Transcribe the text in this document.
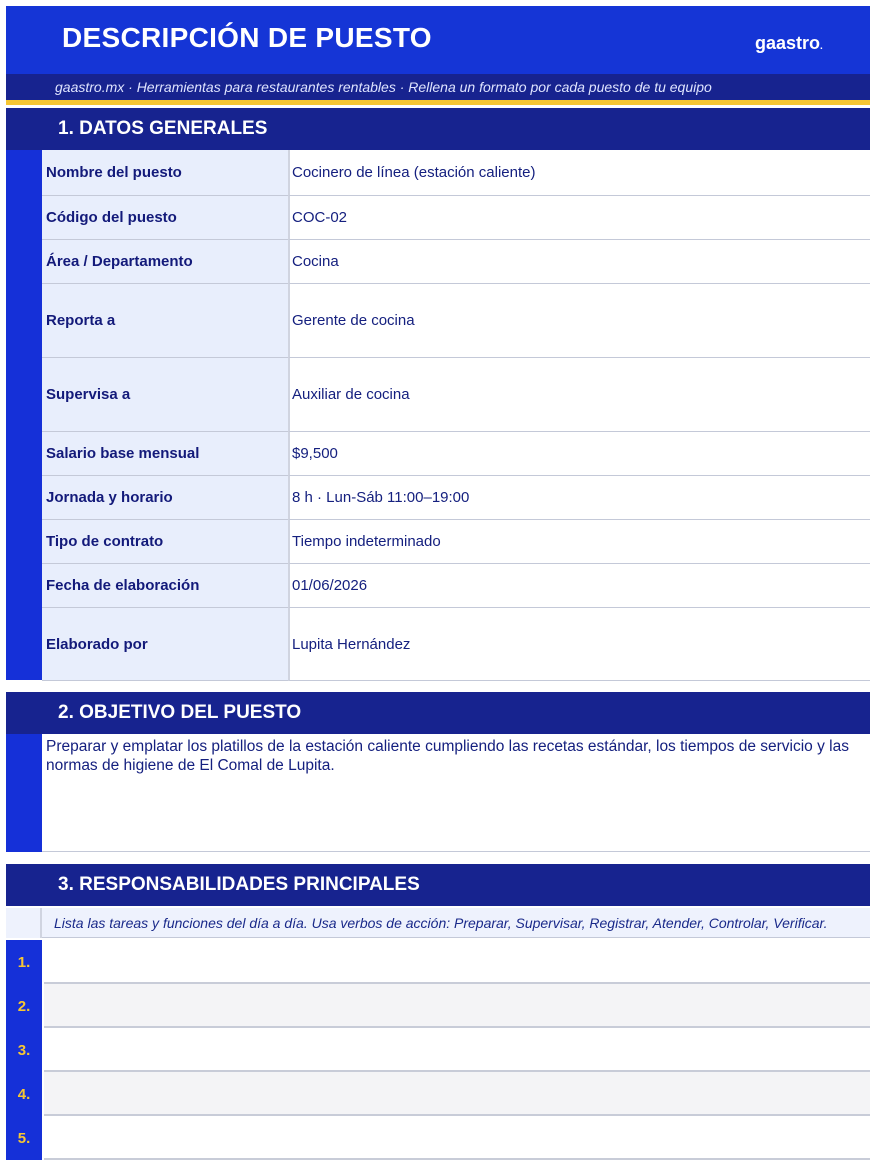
DESCRIPCIÓN DE PUESTO	gaastro.
gaastro.mx · Herramientas para restaurantes rentables · Rellena un formato por cada puesto de tu equipo
1. DATOS GENERALES
Nombre del puesto	Cocinero de línea (estación caliente)
Código del puesto	COC-02
Área / Departamento	Cocina
Reporta a	Gerente de cocina
Supervisa a	Auxiliar de cocina
Salario base mensual	$9,500
Jornada y horario	8 h · Lun-Sáb 11:00–19:00
Tipo de contrato	Tiempo indeterminado
Fecha de elaboración	01/06/2026
Elaborado por	Lupita Hernández
2. OBJETIVO DEL PUESTO
Preparar y emplatar los platillos de la estación caliente cumpliendo las recetas estándar, los tiempos de servicio y las normas de higiene de El Comal de Lupita.
3. RESPONSABILIDADES PRINCIPALES
Lista las tareas y funciones del día a día. Usa verbos de acción: Preparar, Supervisar, Registrar, Atender, Controlar, Verificar.
1.
2.
3.
4.
5.
